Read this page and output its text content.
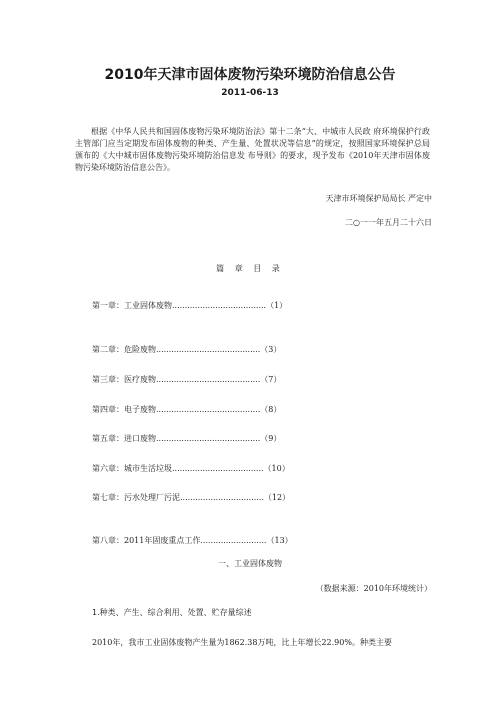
2010年天津市固体废物污染环境防治信息公告
2011-06-13

根据《中华人民共和国固体废物污染环境防治法》第十二条“大、中城市人民政 府环境保护行政主管部门应当定期发布固体废物的种类、产生量、处置状况等信息”的规定，按照国家环境保护总局颁布的《大中城市固体废物污染环境防治信息发 布导则》的要求，现予发布《2010年天津市固体废物污染环境防治信息公告》。

天津市环境保护局局长 严定中
二○一一年五月二十六日
篇 章 目 录
第一章：工业固体废物.....................................（1）
第二章：危险废物.........................................（3）
第三章：医疗废物.........................................（7）
第四章：电子废物.........................................（8）
第五章：进口废物.........................................（9）
第六章：城市生活垃圾....................................（10）
第七章：污水处理厂污泥.................................（12）
第八章：2011年固废重点工作..........................（13）
一、工业固体废物
（数据来源：2010年环境统计）
1.种类、产生、综合利用、处置、贮存量综述
2010年，我市工业固体废物产生量为1862.38万吨，比上年增长22.90%。种类主要
